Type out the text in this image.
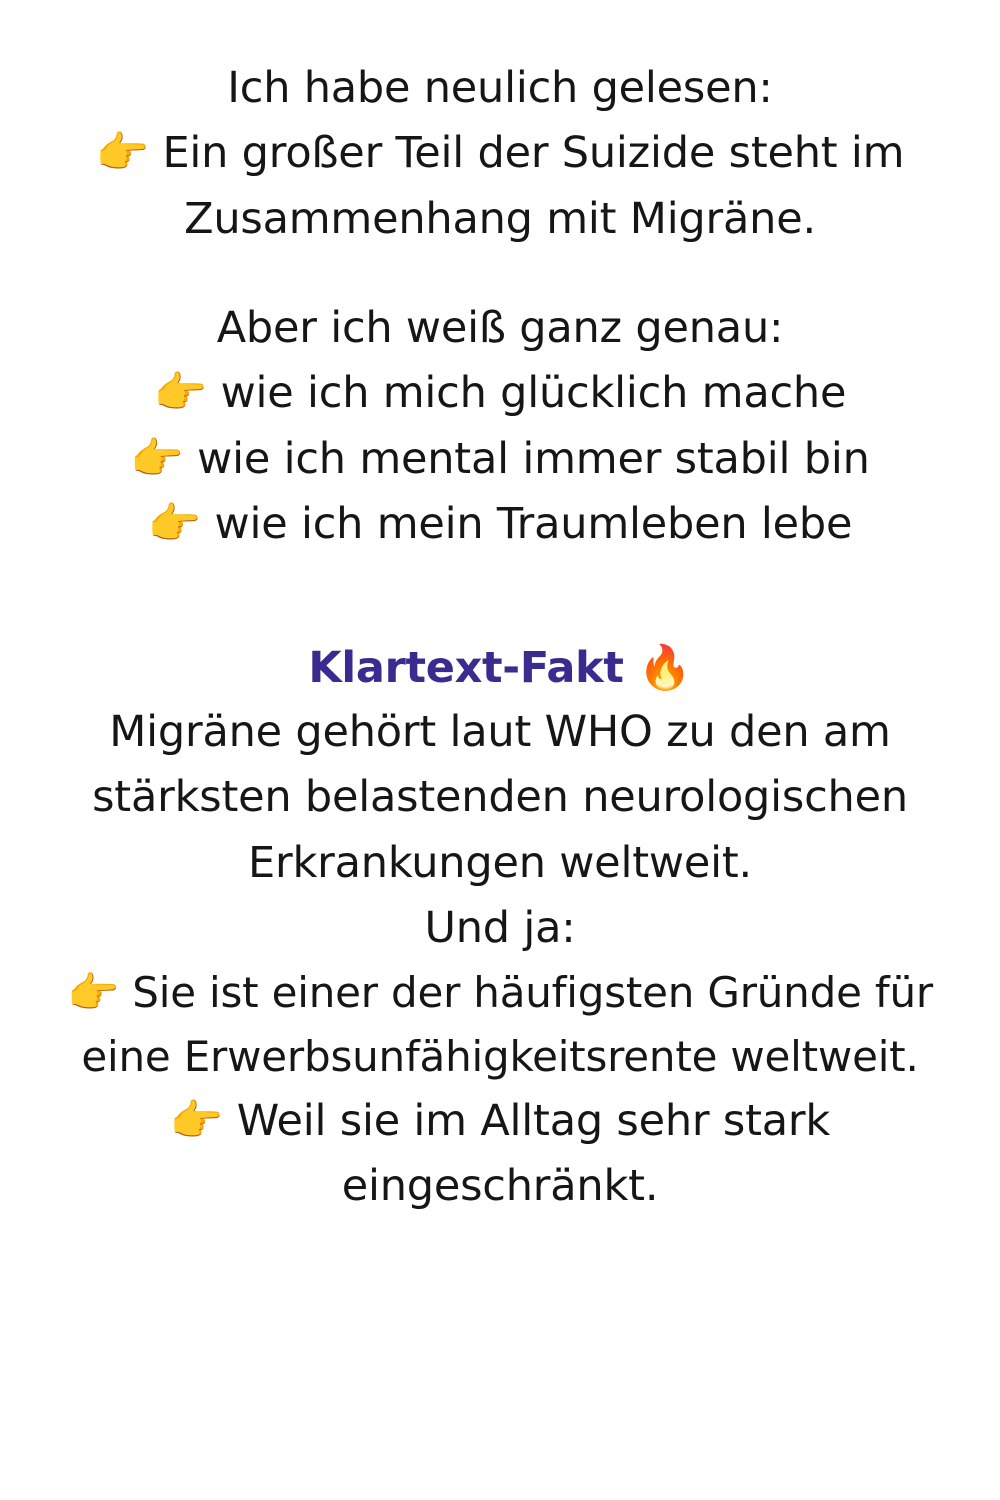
Ich habe neulich gelesen:
👉 Ein großer Teil der Suizide steht im
Zusammenhang mit Migräne.
Aber ich weiß ganz genau:
👉 wie ich mich glücklich mache
👉 wie ich mental immer stabil bin
👉 wie ich mein Traumleben lebe
Klartext-Fakt 🔥
Migräne gehört laut WHO zu den am
stärksten belastenden neurologischen
Erkrankungen weltweit.
Und ja:
👉 Sie ist einer der häufigsten Gründe für
eine Erwerbsunfähigkeitsrente weltweit.
👉 Weil sie im Alltag sehr stark
eingeschränkt.
